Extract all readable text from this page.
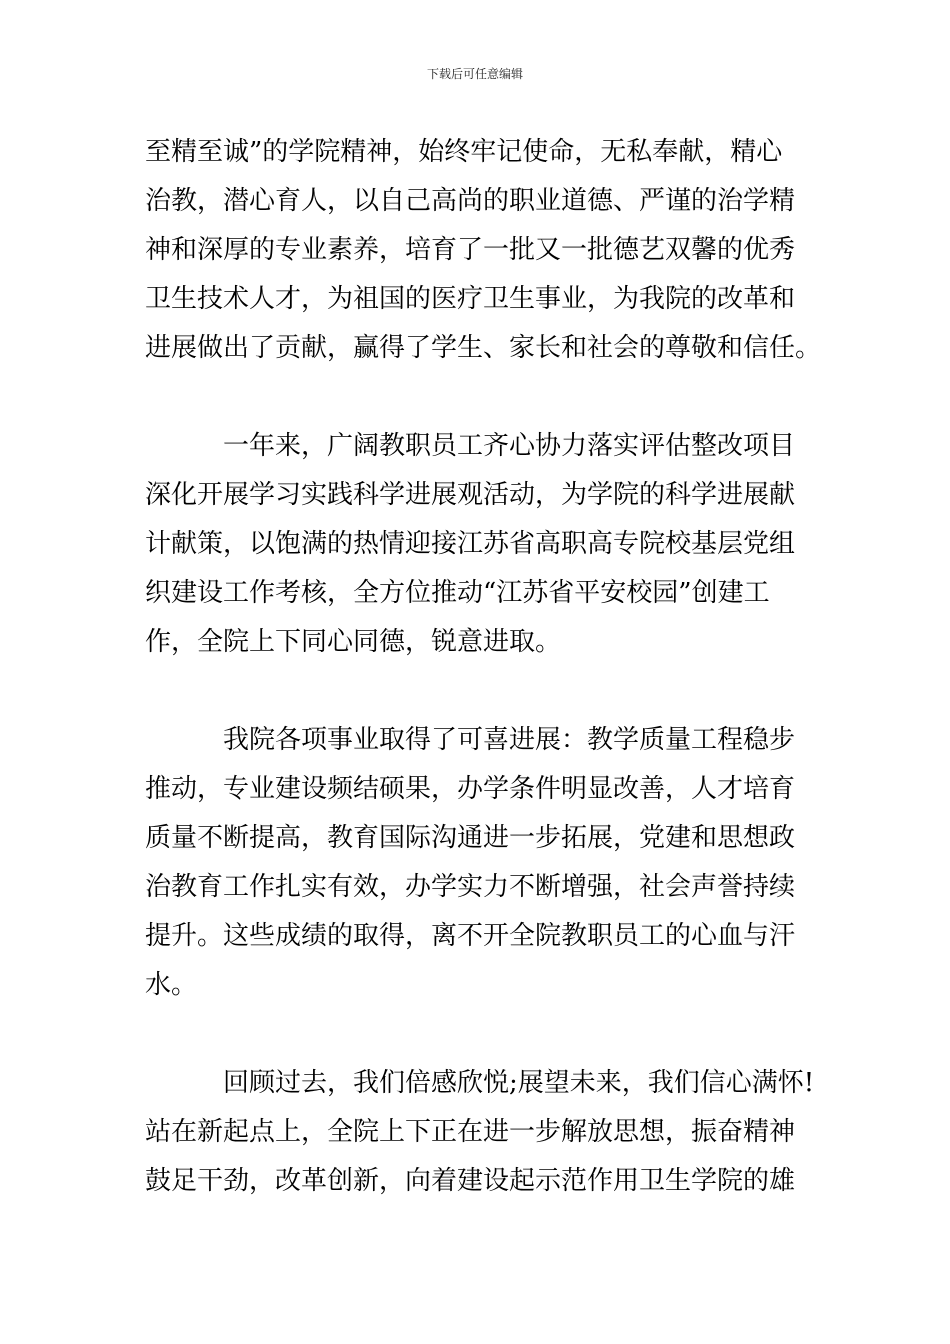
下载后可任意编辑
至精至诚”的学院精神，始终牢记使命，无私奉献，精心
治教，潜心育人，以自己高尚的职业道德、严谨的治学精
神和深厚的专业素养，培育了一批又一批德艺双馨的优秀
卫生技术人才，为祖国的医疗卫生事业，为我院的改革和
进展做出了贡献，赢得了学生、家长和社会的尊敬和信任。
一年来，广阔教职员工齐心协力落实评估整改项目
深化开展学习实践科学进展观活动，为学院的科学进展献
计献策，以饱满的热情迎接江苏省高职高专院校基层党组
织建设工作考核，全方位推动“江苏省平安校园”创建工
作，全院上下同心同德，锐意进取。
我院各项事业取得了可喜进展：教学质量工程稳步
推动，专业建设频结硕果，办学条件明显改善，人才培育
质量不断提高，教育国际沟通进一步拓展，党建和思想政
治教育工作扎实有效，办学实力不断增强，社会声誉持续
提升。这些成绩的取得，离不开全院教职员工的心血与汗
水。
回顾过去，我们倍感欣悦;展望未来，我们信心满怀!
站在新起点上，全院上下正在进一步解放思想，振奋精神
鼓足干劲，改革创新，向着建设起示范作用卫生学院的雄
